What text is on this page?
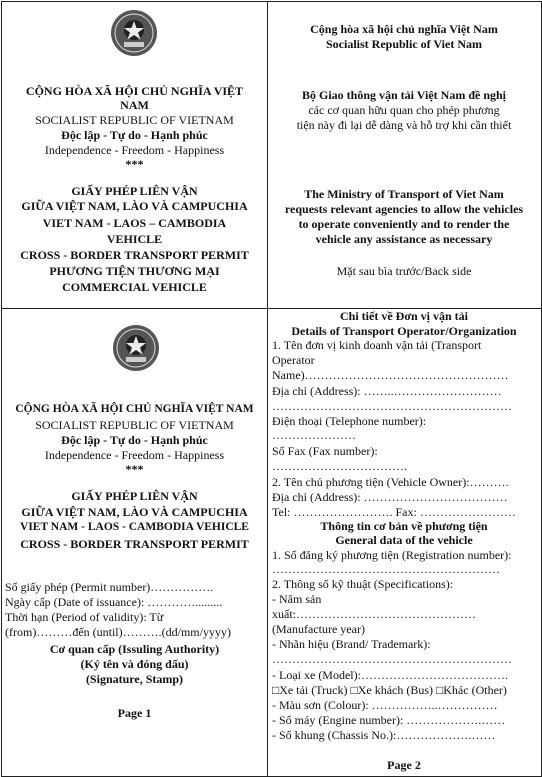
CỘNG HÒA XÃ HỘI CHỦ NGHĨA VIỆT
NAM
SOCIALIST REPUBLIC OF VIETNAM
Độc lập - Tự do - Hạnh phúc
Independence - Freedom - Happiness
***
GIẤY PHÉP LIÊN VẬN
GIỮA VIỆT NAM, LÀO VÀ CAMPUCHIA
VIET NAM - LAOS – CAMBODIA
VEHICLE
CROSS - BORDER TRANSPORT PERMIT
PHƯƠNG TIỆN THƯƠNG MẠI
COMMERCIAL VEHICLE
Cộng hòa xã hội chủ nghĩa Việt Nam
Socialist Republic of Viet Nam
Bộ Giao thông vận tải Việt Nam đề nghị
các cơ quan hữu quan cho phép phương
tiện này đi lại dễ dàng và hỗ trợ khi cần thiết
The Ministry of Transport of Viet Nam
requests relevant agencies to allow the vehicles
to operate conveniently and to render the
vehicle any assistance as necessary
Mặt sau bìa trước/Back side
CỘNG HÒA XÃ HỘI CHỦ NGHĨA VIỆT NAM
SOCIALIST REPUBLIC OF VIETNAM
Độc lập - Tự do - Hạnh phúc
Independence - Freedom - Happiness
***
GIẤY PHÉP LIÊN VẬN
GIỮA VIỆT NAM, LÀO VÀ CAMPUCHIA
VIET NAM - LAOS - CAMBODIA VEHICLE
CROSS - BORDER TRANSPORT PERMIT
Số giấy phép (Permit number)…………….
Ngày cấp (Date of issuance): ………….........
Thời hạn (Period of validity): Từ
(from)………đến (until)……….(dd/mm/yyyy)
Cơ quan cấp (Issuling Authority)
(Ký tên và đóng dấu)
(Signature, Stamp)
Page 1
Chi tiết về Đơn vị vận tải
Details of Transport Operator/Organization
1. Tên đơn vị kinh doanh vận tải (Transport
Operator
Name)……………………………………………
Địa chỉ (Address): ……..………………………
……………………………………………………
Điện thoại (Telephone number):
…………………
Số Fax (Fax number):
…………………………….
2. Tên chủ phương tiện (Vehicle Owner):……….
Địa chỉ (Address): ………………………………
Tel: ……………………. Fax: ……………………
Thông tin cơ bản về phương tiện
General data of the vehicle
1. Số đăng ký phương tiện (Registration number):
…………………………………………………
2. Thông số kỹ thuật (Specifications):
- Năm sản
xuất:………………………………………
(Manufacture year)
- Nhãn hiệu (Brand/ Trademark):
……………………………………………………
- Loại xe (Model):……………………………….
□Xe tải (Truck) □Xe khách (Bus) □Khác (Other)
- Màu sơn (Colour): ……………..……………
- Số máy (Engine number): ……………….……
- Số khung (Chassis No.):……………….……
Page 2
